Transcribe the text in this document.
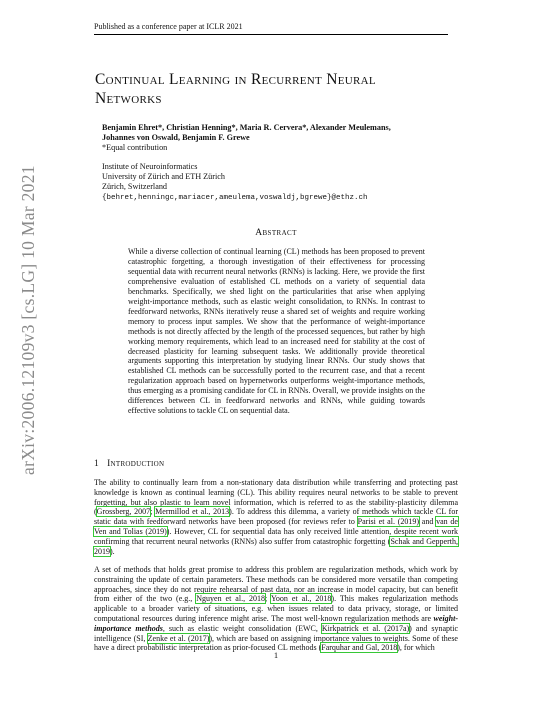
Published as a conference paper at ICLR 2021
arXiv:2006.12109v3 [cs.LG] 10 Mar 2021
Continual Learning in Recurrent Neural Networks
Benjamin Ehret*, Christian Henning*, Maria R. Cervera*, Alexander Meulemans,
Johannes von Oswald, Benjamin F. Grewe
*Equal contribution
Institute of Neuroinformatics
University of Zürich and ETH Zürich
Zürich, Switzerland
{behret,henningc,mariacer,ameulema,voswaldj,bgrewe}@ethz.ch
Abstract
While a diverse collection of continual learning (CL) methods has been proposed to prevent catastrophic forgetting, a thorough investigation of their effectiveness for processing sequential data with recurrent neural networks (RNNs) is lacking. Here, we provide the first comprehensive evaluation of established CL methods on a variety of sequential data benchmarks. Specifically, we shed light on the particularities that arise when applying weight-importance methods, such as elastic weight consolidation, to RNNs. In contrast to feedforward networks, RNNs iteratively reuse a shared set of weights and require working memory to process input samples. We show that the performance of weight-importance methods is not directly affected by the length of the processed sequences, but rather by high working memory requirements, which lead to an increased need for stability at the cost of decreased plasticity for learning subsequent tasks. We additionally provide theoretical arguments supporting this interpretation by studying linear RNNs. Our study shows that established CL methods can be successfully ported to the recurrent case, and that a recent regularization approach based on hypernetworks outperforms weight-importance methods, thus emerging as a promising candidate for CL in RNNs. Overall, we provide insights on the differences between CL in feedforward networks and RNNs, while guiding towards effective solutions to tackle CL on sequential data.
1 Introduction
The ability to continually learn from a non-stationary data distribution while transferring and protecting past knowledge is known as continual learning (CL). This ability requires neural networks to be stable to prevent forgetting, but also plastic to learn novel information, which is referred to as the stability-plasticity dilemma (Grossberg, 2007; Mermillod et al., 2013). To address this dilemma, a variety of methods which tackle CL for static data with feedforward networks have been proposed (for reviews refer to Parisi et al. (2019) and van de Ven and Tolias (2019)). However, CL for sequential data has only received little attention, despite recent work confirming that recurrent neural networks (RNNs) also suffer from catastrophic forgetting (Schak and Gepperth, 2019).
A set of methods that holds great promise to address this problem are regularization methods, which work by constraining the update of certain parameters. These methods can be considered more versatile than competing approaches, since they do not require rehearsal of past data, nor an increase in model capacity, but can benefit from either of the two (e.g., Nguyen et al., 2018; Yoon et al., 2018). This makes regularization methods applicable to a broader variety of situations, e.g. when issues related to data privacy, storage, or limited computational resources during inference might arise. The most well-known regularization methods are weight-importance methods, such as elastic weight consolidation (EWC, Kirkpatrick et al. (2017a)) and synaptic intelligence (SI, Zenke et al. (2017)), which are based on assigning importance values to weights. Some of these have a direct probabilistic interpretation as prior-focused CL methods (Farquhar and Gal, 2018), for which
1
